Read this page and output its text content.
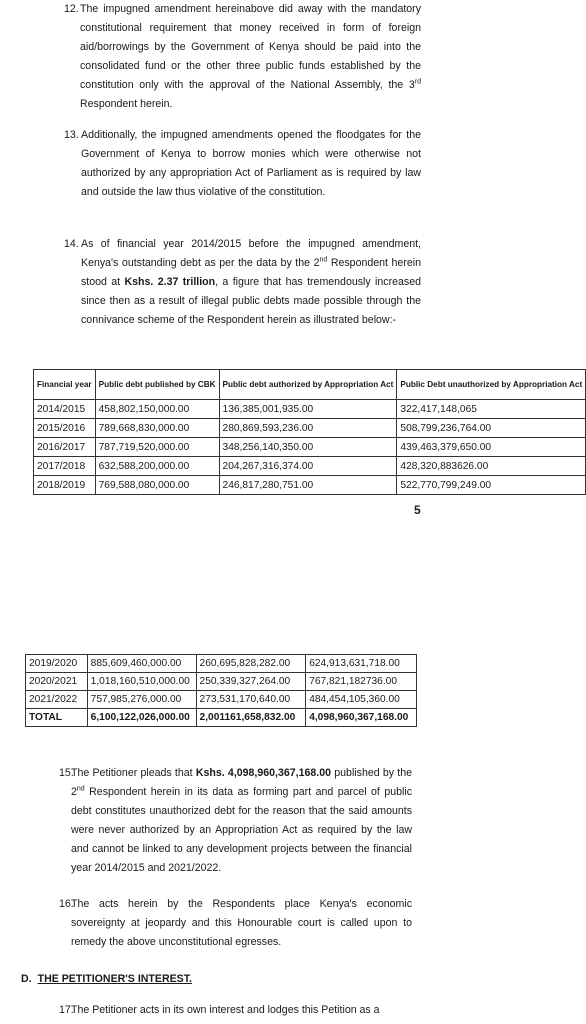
12. The impugned amendment hereinabove did away with the mandatory constitutional requirement that money received in form of foreign aid/borrowings by the Government of Kenya should be paid into the consolidated fund or the other three public funds established by the constitution only with the approval of the National Assembly, the 3rd Respondent herein.
13. Additionally, the impugned amendments opened the floodgates for the Government of Kenya to borrow monies which were otherwise not authorized by any appropriation Act of Parliament as is required by law and outside the law thus violative of the constitution.
14. As of financial year 2014/2015 before the impugned amendment, Kenya's outstanding debt as per the data by the 2nd Respondent herein stood at Kshs. 2.37 trillion, a figure that has tremendously increased since then as a result of illegal public debts made possible through the connivance scheme of the Respondent herein as illustrated below:-
Financial year	Public debt published by CBK	Public debt authorized by Appropriation Act	Public Debt unauthorized by Appropriation Act
2014/2015	458,802,150,000.00	136,385,001,935.00	322,417,148,065
2015/2016	789,668,830,000.00	280,869,593,236.00	508,799,236,764.00
2016/2017	787,719,520,000.00	348,256,140,350.00	439,463,379,650.00
2017/2018	632,588,200,000.00	204,267,316,374.00	428,320,883626.00
2018/2019	769,588,080,000.00	246,817,280,751.00	522,770,799,249.00
5
2019/2020	885,609,460,000.00	260,695,828,282.00	624,913,631,718.00
2020/2021	1,018,160,510,000.00	250,339,327,264.00	767,821,182736.00
2021/2022	757,985,276,000.00	273,531,170,640.00	484,454,105,360.00
TOTAL	6,100,122,026,000.00	2,001161,658,832.00	4,098,960,367,168.00
15.
The Petitioner pleads that Kshs. 4,098,960,367,168.00 published by the 2nd Respondent herein in its data as forming part and parcel of public debt constitutes unauthorized debt for the reason that the said amounts were never authorized by an Appropriation Act as required by the law and cannot be linked to any development projects between the financial year 2014/2015 and 2021/2022.
16.
The acts herein by the Respondents place Kenya's economic sovereignty at jeopardy and this Honourable court is called upon to remedy the above unconstitutional egresses.
D. THE PETITIONER'S INTEREST.
17.
The Petitioner acts in its own interest and lodges this Petition as a
